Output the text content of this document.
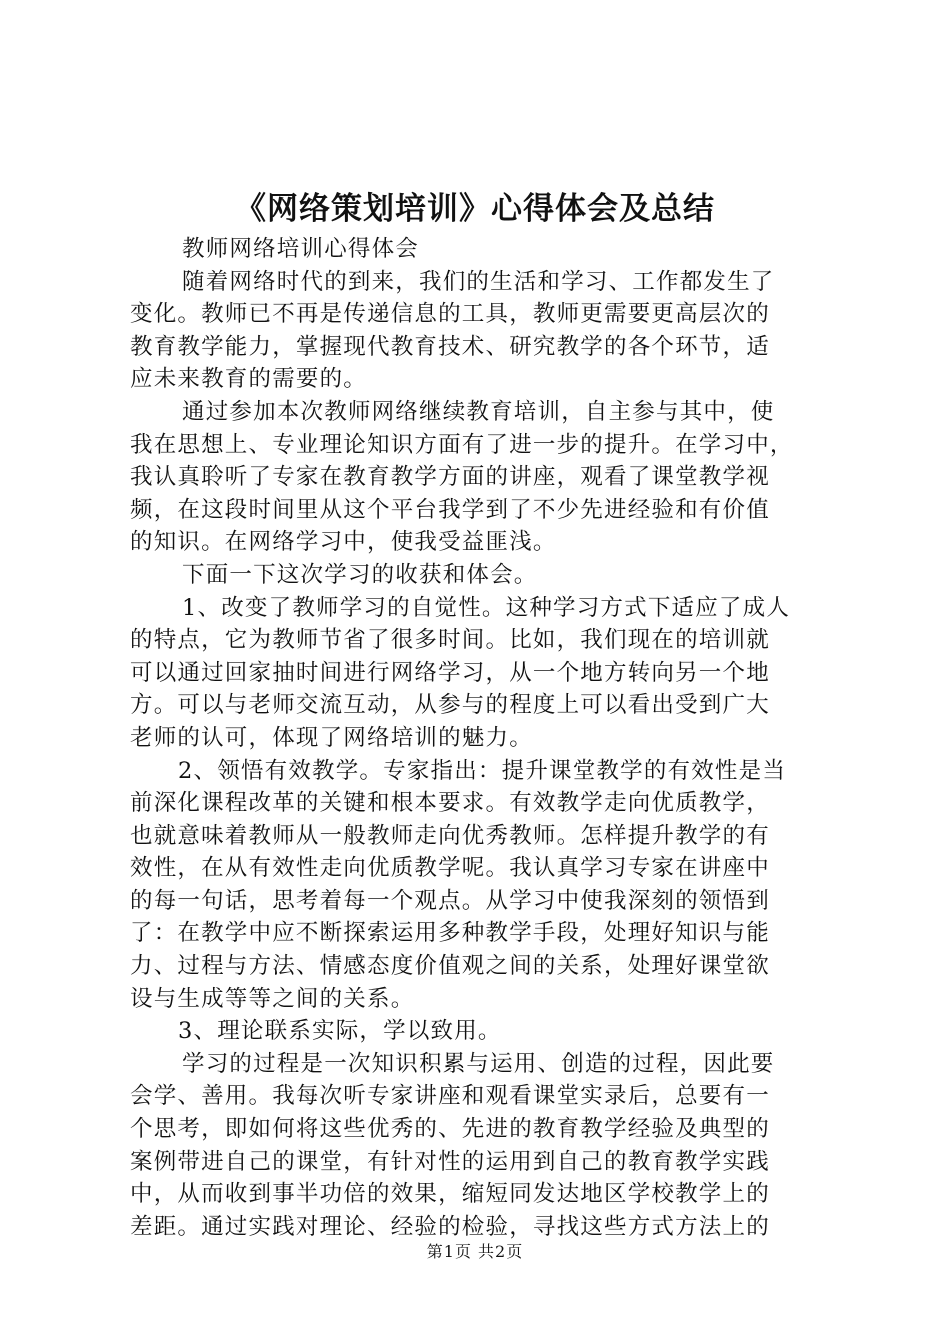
《网络策划培训》心得体会及总结
教师网络培训心得体会
随着网络时代的到来，我们的生活和学习、工作都发生了
变化。教师已不再是传递信息的工具，教师更需要更高层次的
教育教学能力，掌握现代教育技术、研究教学的各个环节，适
应未来教育的需要的。
通过参加本次教师网络继续教育培训，自主参与其中，使
我在思想上、专业理论知识方面有了进一步的提升。在学习中，
我认真聆听了专家在教育教学方面的讲座，观看了课堂教学视
频，在这段时间里从这个平台我学到了不少先进经验和有价值
的知识。在网络学习中，使我受益匪浅。
下面一下这次学习的收获和体会。
1、改变了教师学习的自觉性。这种学习方式下适应了成人
的特点，它为教师节省了很多时间。比如，我们现在的培训就
可以通过回家抽时间进行网络学习，从一个地方转向另一个地
方。可以与老师交流互动，从参与的程度上可以看出受到广大
老师的认可，体现了网络培训的魅力。
2、领悟有效教学。专家指出：提升课堂教学的有效性是当
前深化课程改革的关键和根本要求。有效教学走向优质教学，
也就意味着教师从一般教师走向优秀教师。怎样提升教学的有
效性，在从有效性走向优质教学呢。我认真学习专家在讲座中
的每一句话，思考着每一个观点。从学习中使我深刻的领悟到
了：在教学中应不断探索运用多种教学手段，处理好知识与能
力、过程与方法、情感态度价值观之间的关系，处理好课堂欲
设与生成等等之间的关系。
3、理论联系实际，学以致用。
学习的过程是一次知识积累与运用、创造的过程，因此要
会学、善用。我每次听专家讲座和观看课堂实录后，总要有一
个思考，即如何将这些优秀的、先进的教育教学经验及典型的
案例带进自己的课堂，有针对性的运用到自己的教育教学实践
中，从而收到事半功倍的效果，缩短同发达地区学校教学上的
差距。通过实践对理论、经验的检验，寻找这些方式方法上的
第1页 共2页
